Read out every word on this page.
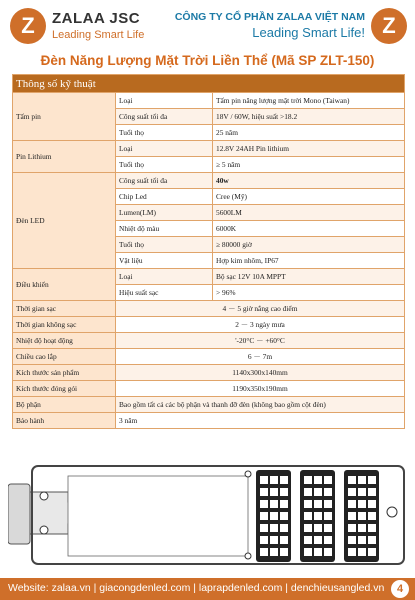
Z	ZALAA JSC
Leading Smart Life
CÔNG TY CỔ PHẦN ZALAA VIỆT NAM
Leading Smart Life! Z
Đèn Năng Lượng Mặt Trời Liền Thể (Mã SP ZLT-150)
Thông số kỹ thuật		
Tấm pin	Loại	Tấm pin năng lượng mặt trời Mono (Taiwan)
	Công suất tối đa	18V / 60W, hiệu suất >18.2
	Tuổi thọ	25 năm
Pin Lithium	Loại	12.8V 24AH Pin lithium
	Tuổi thọ	≥ 5 năm
Đèn LED	Công suất tối đa	40w
	Chip Led	Cree (Mỹ)
	Lumen(LM)	5600LM
	Nhiệt độ màu	6000K
	Tuổi thọ	≥ 80000 giờ
	Vật liệu	Hợp kim nhôm, IP67
Điều khiển	Loại	Bộ sạc 12V 10A MPPT
	Hiệu suất sạc	> 96%
Thời gian sạc	4 － 5 giờ nắng cao điểm	
Thời gian không sạc	2 － 3 ngày mưa	
Nhiệt độ hoạt động	'-20°C － +60°C	
Chiều cao lắp	6 － 7m	
Kích thước sản phẩm	1140x300x140mm	
Kích thước đóng gói	1190x350x190mm	
Bộ phận	Bao gồm tất cả các bộ phận và thanh đỡ đèn (không bao gồm cột đèn)	
Bảo hành	3 năm	
Website: zalaa.vn | giacongdenled.com | laprapdenled.com | denchieusangled.vn	4
